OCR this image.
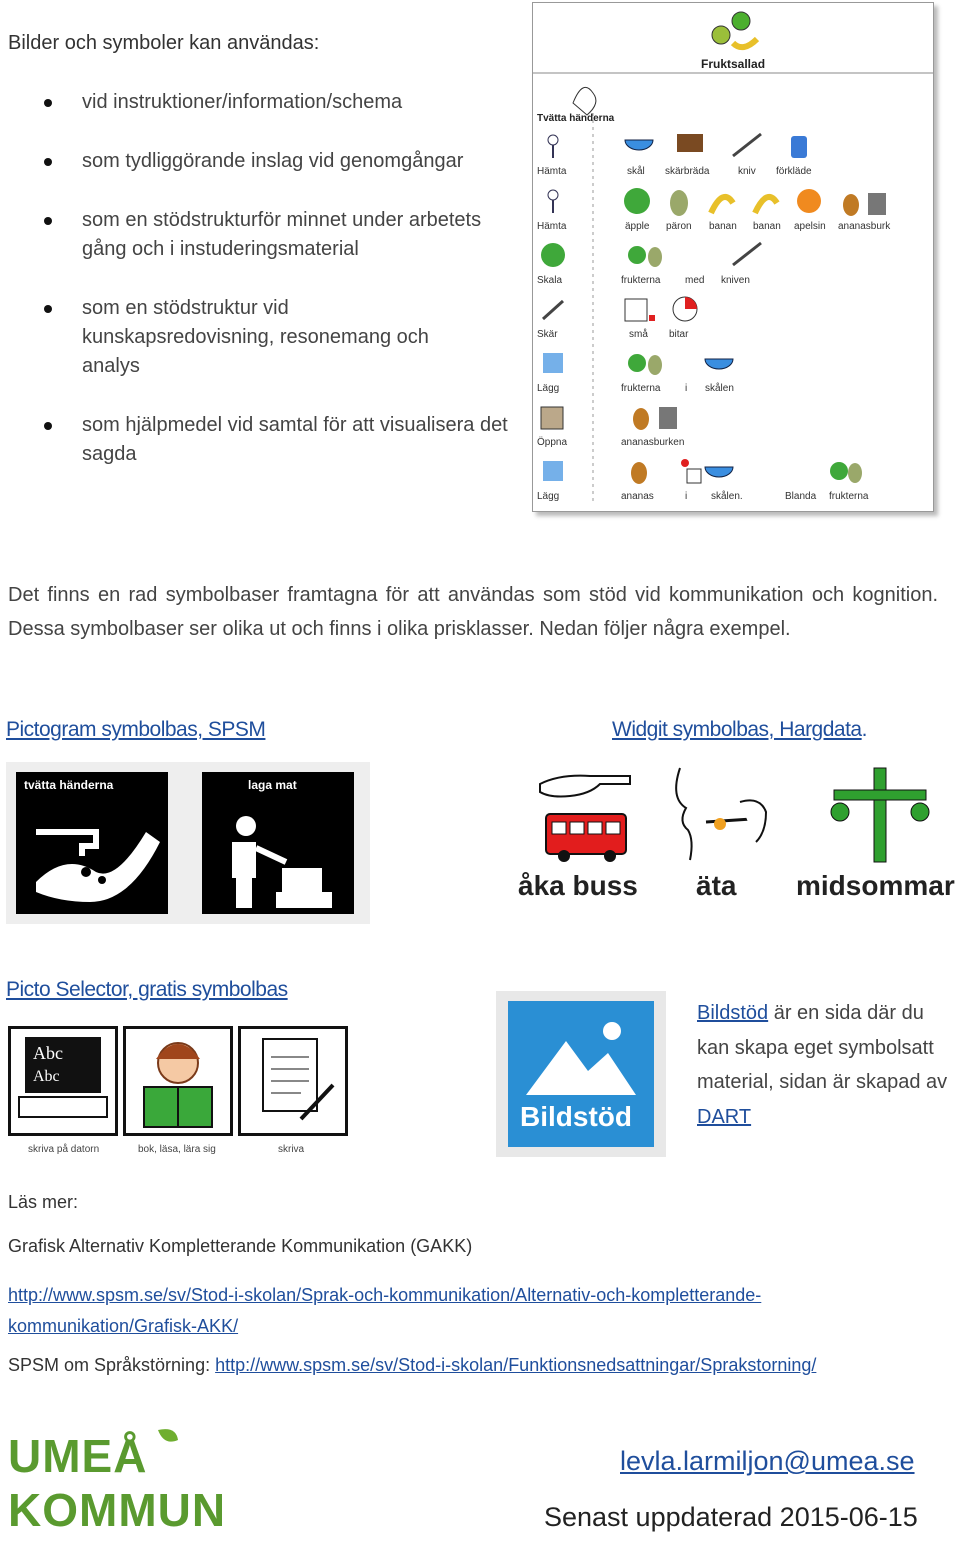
Bilder och symboler kan användas:
vid instruktioner/information/schema
som tydliggörande inslag vid genomgångar
som en stödstrukturför minnet under arbetets gång och i instuderingsmaterial
som en stödstruktur vid kunskapsredovisning, resonemang och analys
som hjälpmedel vid samtal för att visualisera det sagda
Fruktsallad
Tvätta händerna
Hämta	skål skärbräda	kniv förkläde
Hämta	äpple päron banan banan apelsin ananasburk
Skala	frukterna med kniven
Skär	små bitar
Lägg	frukterna i skålen
Öppna	ananasburken
Lägg	ananas	i skålen.	Blanda frukterna
Det finns en rad symbolbaser framtagna för att användas som stöd vid kommunikation och kognition. Dessa symbolbaser ser olika ut och finns i olika prisklasser. Nedan följer några exempel.
Pictogram symbolbas, SPSM
tvätta händerna	laga mat
Widgit symbolbas, Hargdata.
åka buss äta midsommar
Picto Selector, gratis symbolbas
Abc
Abc
skriva på datorn	bok, läsa, lära sig	skriva
Bildstöd
Bildstöd är en sida där du kan skapa eget symbolsatt material, sidan är skapad av DART
Läs mer:
Grafisk Alternativ Kompletterande Kommunikation (GAKK)
http://www.spsm.se/sv/Stod-i-skolan/Sprak-och-kommunikation/Alternativ-och-kompletterande-
kommunikation/Grafisk-AKK/
SPSM om Språkstörning: http://www.spsm.se/sv/Stod-i-skolan/Funktionsnedsattningar/Sprakstorning/
UMEÅ
KOMMUN
levla.larmiljon@umea.se
Senast uppdaterad 2015-06-15
